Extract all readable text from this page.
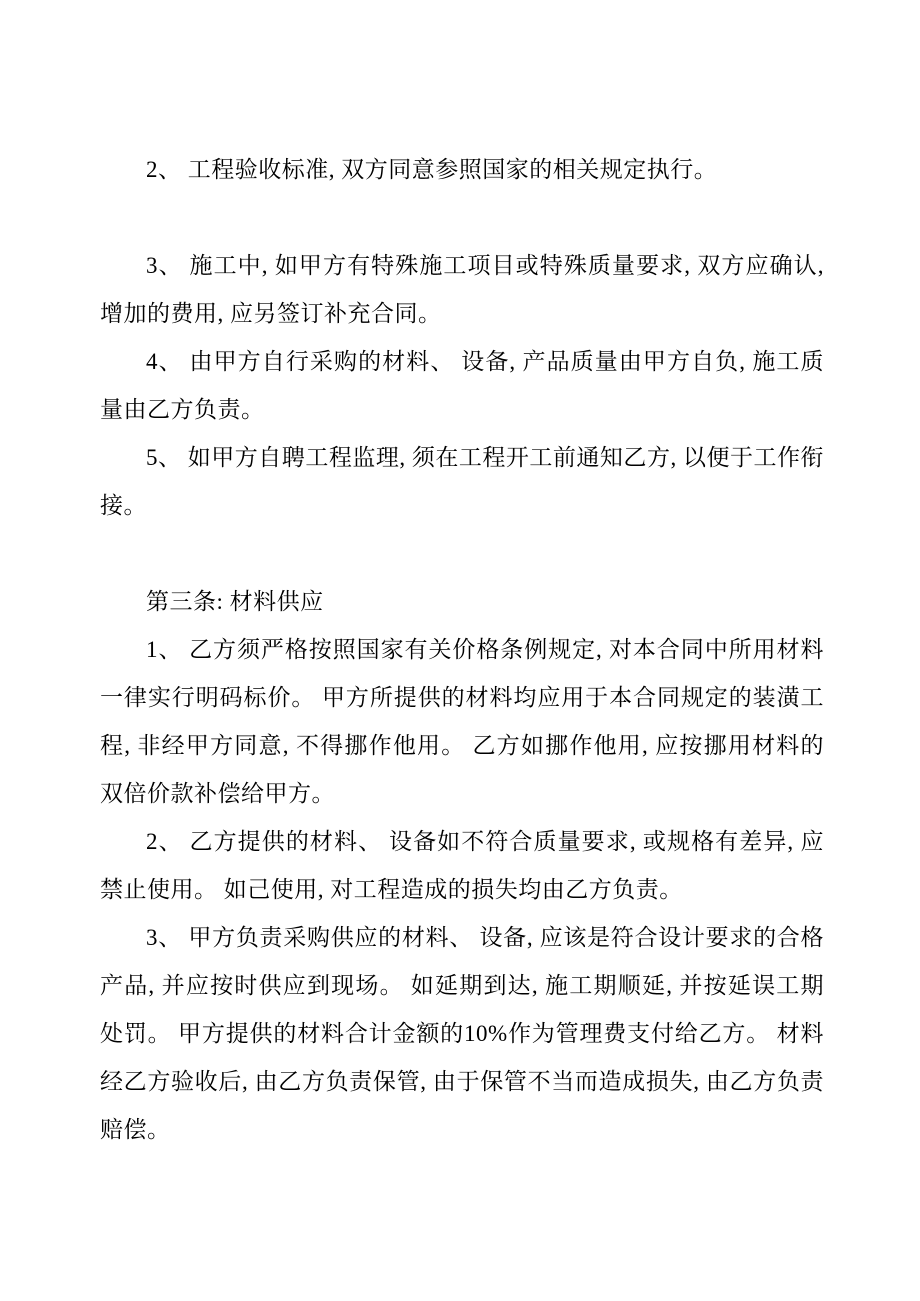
2、 工程验收标准, 双方同意参照国家的相关规定执行。

3、 施工中, 如甲方有特殊施工项目或特殊质量要求, 双方应确认, 增加的费用, 应另签订补充合同。

4、 由甲方自行采购的材料、 设备, 产品质量由甲方自负, 施工质量由乙方负责。

5、 如甲方自聘工程监理, 须在工程开工前通知乙方, 以便于工作衔接。

第三条: 材料供应

1、 乙方须严格按照国家有关价格条例规定, 对本合同中所用材料一律实行明码标价。 甲方所提供的材料均应用于本合同规定的装潢工程, 非经甲方同意, 不得挪作他用。 乙方如挪作他用, 应按挪用材料的双倍价款补偿给甲方。

2、 乙方提供的材料、 设备如不符合质量要求, 或规格有差异, 应禁止使用。 如己使用, 对工程造成的损失均由乙方负责。

3、 甲方负责采购供应的材料、 设备, 应该是符合设计要求的合格产品, 并应按时供应到现场。 如延期到达, 施工期顺延, 并按延误工期处罚。 甲方提供的材料合计金额的10%作为管理费支付给乙方。 材料经乙方验收后, 由乙方负责保管, 由于保管不当而造成损失, 由乙方负责赔偿。
